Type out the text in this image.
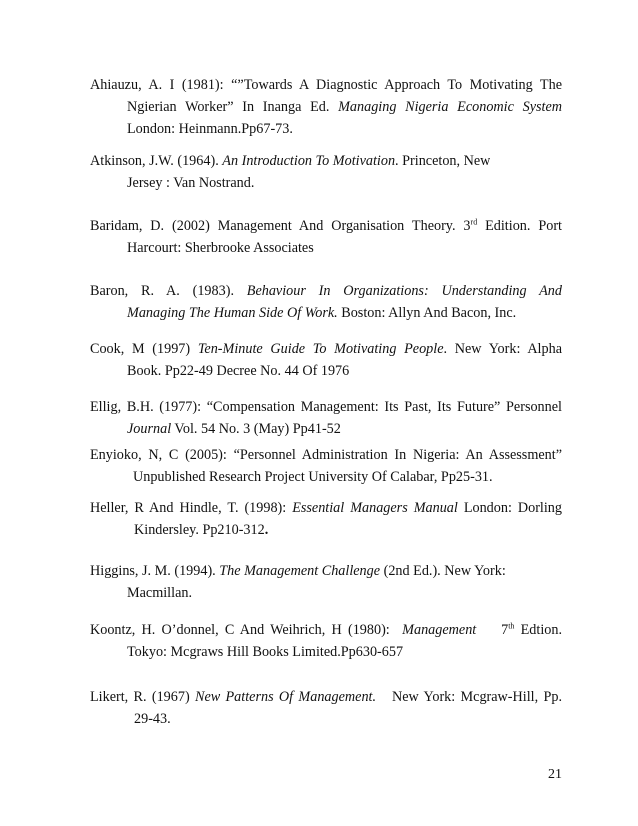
Ahiauzu, A. I (1981): “”Towards A Diagnostic Approach To Motivating The
Ngierian Worker” In Inanga Ed. Managing Nigeria Economic System
London: Heinmann.Pp67-73.
Atkinson, J.W. (1964). An Introduction To Motivation. Princeton, New
Jersey : Van Nostrand.
Baridam, D. (2002) Management And Organisation Theory. 3rd Edition. Port
Harcourt: Sherbrooke Associates
Baron, R. A. (1983). Behaviour In Organizations: Understanding And
Managing The Human Side Of Work. Boston: Allyn And Bacon, Inc.
Cook, M (1997) Ten-Minute Guide To Motivating People. New York: Alpha
Book. Pp22-49 Decree No. 44 Of 1976
Ellig, B.H. (1977): “Compensation Management: Its Past, Its Future” Personnel
Journal Vol. 54 No. 3 (May) Pp41-52
Enyioko, N, C (2005): “Personnel Administration In Nigeria: An Assessment”
Unpublished Research Project University Of Calabar, Pp25-31.
Heller, R And Hindle, T. (1998): Essential Managers Manual London: Dorling
Kindersley. Pp210-312.
Higgins, J. M. (1994). The Management Challenge (2nd Ed.). New York:
Macmillan.
Koontz, H. O’donnel, C And Weihrich, H (1980):  Management    7th Edtion.
Tokyo: Mcgraws Hill Books Limited.Pp630-657
Likert, R. (1967) New Patterns Of Management.   New York: Mcgraw-Hill, Pp.
29-43.
21
